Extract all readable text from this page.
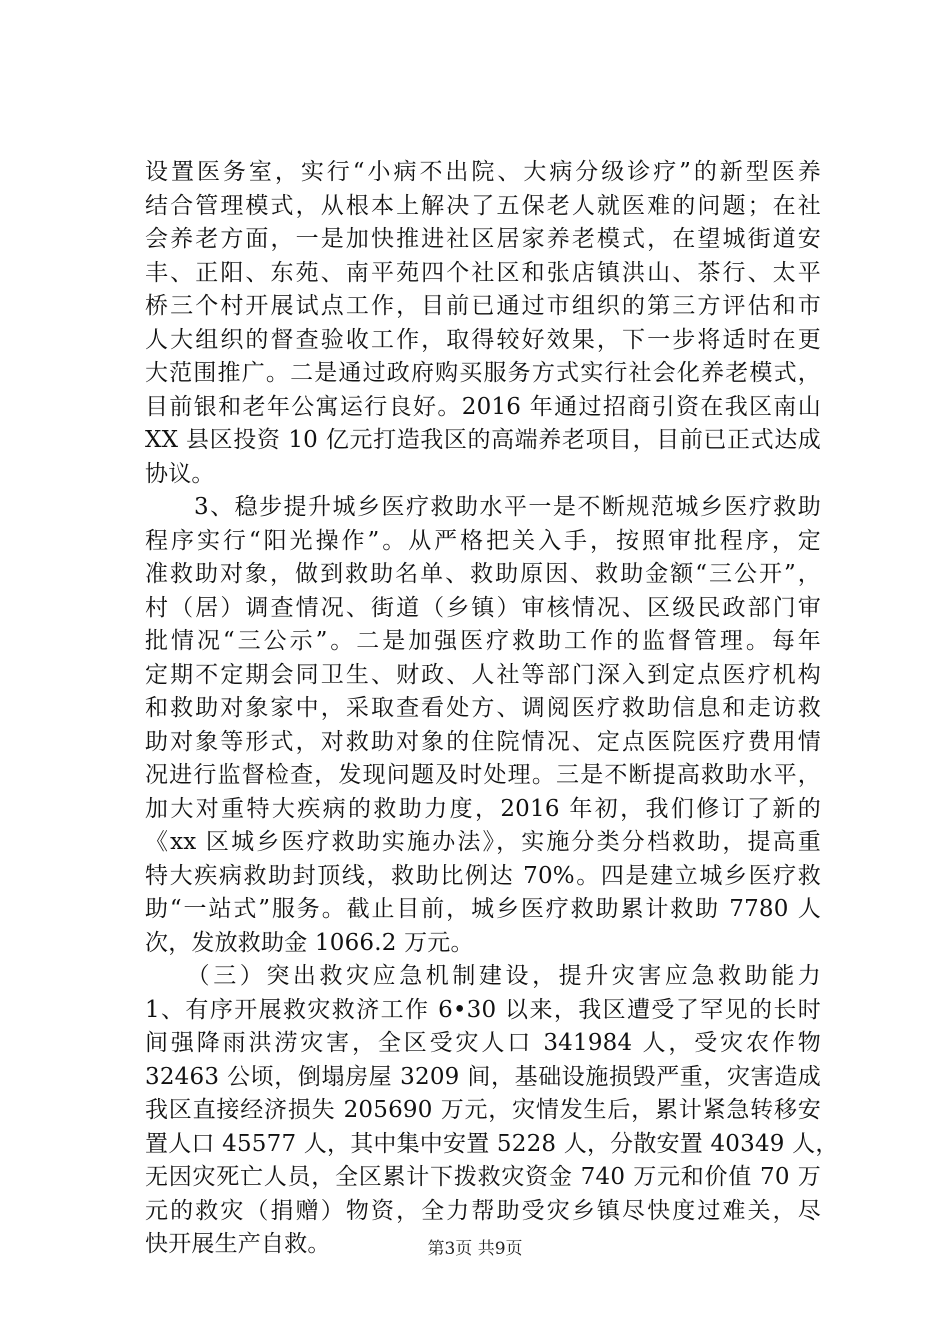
设置医务室，实行“小病不出院、大病分级诊疗”的新型医养
结合管理模式，从根本上解决了五保老人就医难的问题；在社
会养老方面，一是加快推进社区居家养老模式，在望城街道安
丰、正阳、东苑、南平苑四个社区和张店镇洪山、茶行、太平
桥三个村开展试点工作，目前已通过市组织的第三方评估和市
人大组织的督查验收工作，取得较好效果，下一步将适时在更
大范围推广。二是通过政府购买服务方式实行社会化养老模式，
目前银和老年公寓运行良好。2016 年通过招商引资在我区南山
XX 县区投资 10 亿元打造我区的高端养老项目，目前已正式达成
协议。
　　3、稳步提升城乡医疗救助水平一是不断规范城乡医疗救助
程序实行“阳光操作”。从严格把关入手，按照审批程序，定
准救助对象，做到救助名单、救助原因、救助金额“三公开”，
村（居）调查情况、街道（乡镇）审核情况、区级民政部门审
批情况“三公示”。二是加强医疗救助工作的监督管理。每年
定期不定期会同卫生、财政、人社等部门深入到定点医疗机构
和救助对象家中，采取查看处方、调阅医疗救助信息和走访救
助对象等形式，对救助对象的住院情况、定点医院医疗费用情
况进行监督检查，发现问题及时处理。三是不断提高救助水平，
加大对重特大疾病的救助力度，2016 年初，我们修订了新的
《xx 区城乡医疗救助实施办法》，实施分类分档救助，提高重
特大疾病救助封顶线，救助比例达 70%。四是建立城乡医疗救
助“一站式”服务。截止目前，城乡医疗救助累计救助 7780 人
次，发放救助金 1066.2 万元。
　　（三）突出救灾应急机制建设，提升灾害应急救助能力
1、有序开展救灾救济工作 6•30 以来，我区遭受了罕见的长时
间强降雨洪涝灾害，全区受灾人口 341984 人，受灾农作物
32463 公顷，倒塌房屋 3209 间，基础设施损毁严重，灾害造成
我区直接经济损失 205690 万元，灾情发生后，累计紧急转移安
置人口 45577 人，其中集中安置 5228 人，分散安置 40349 人，
无因灾死亡人员，全区累计下拨救灾资金 740 万元和价值 70 万
元的救灾（捐赠）物资，全力帮助受灾乡镇尽快度过难关，尽
快开展生产自救。	第3页 共9页
